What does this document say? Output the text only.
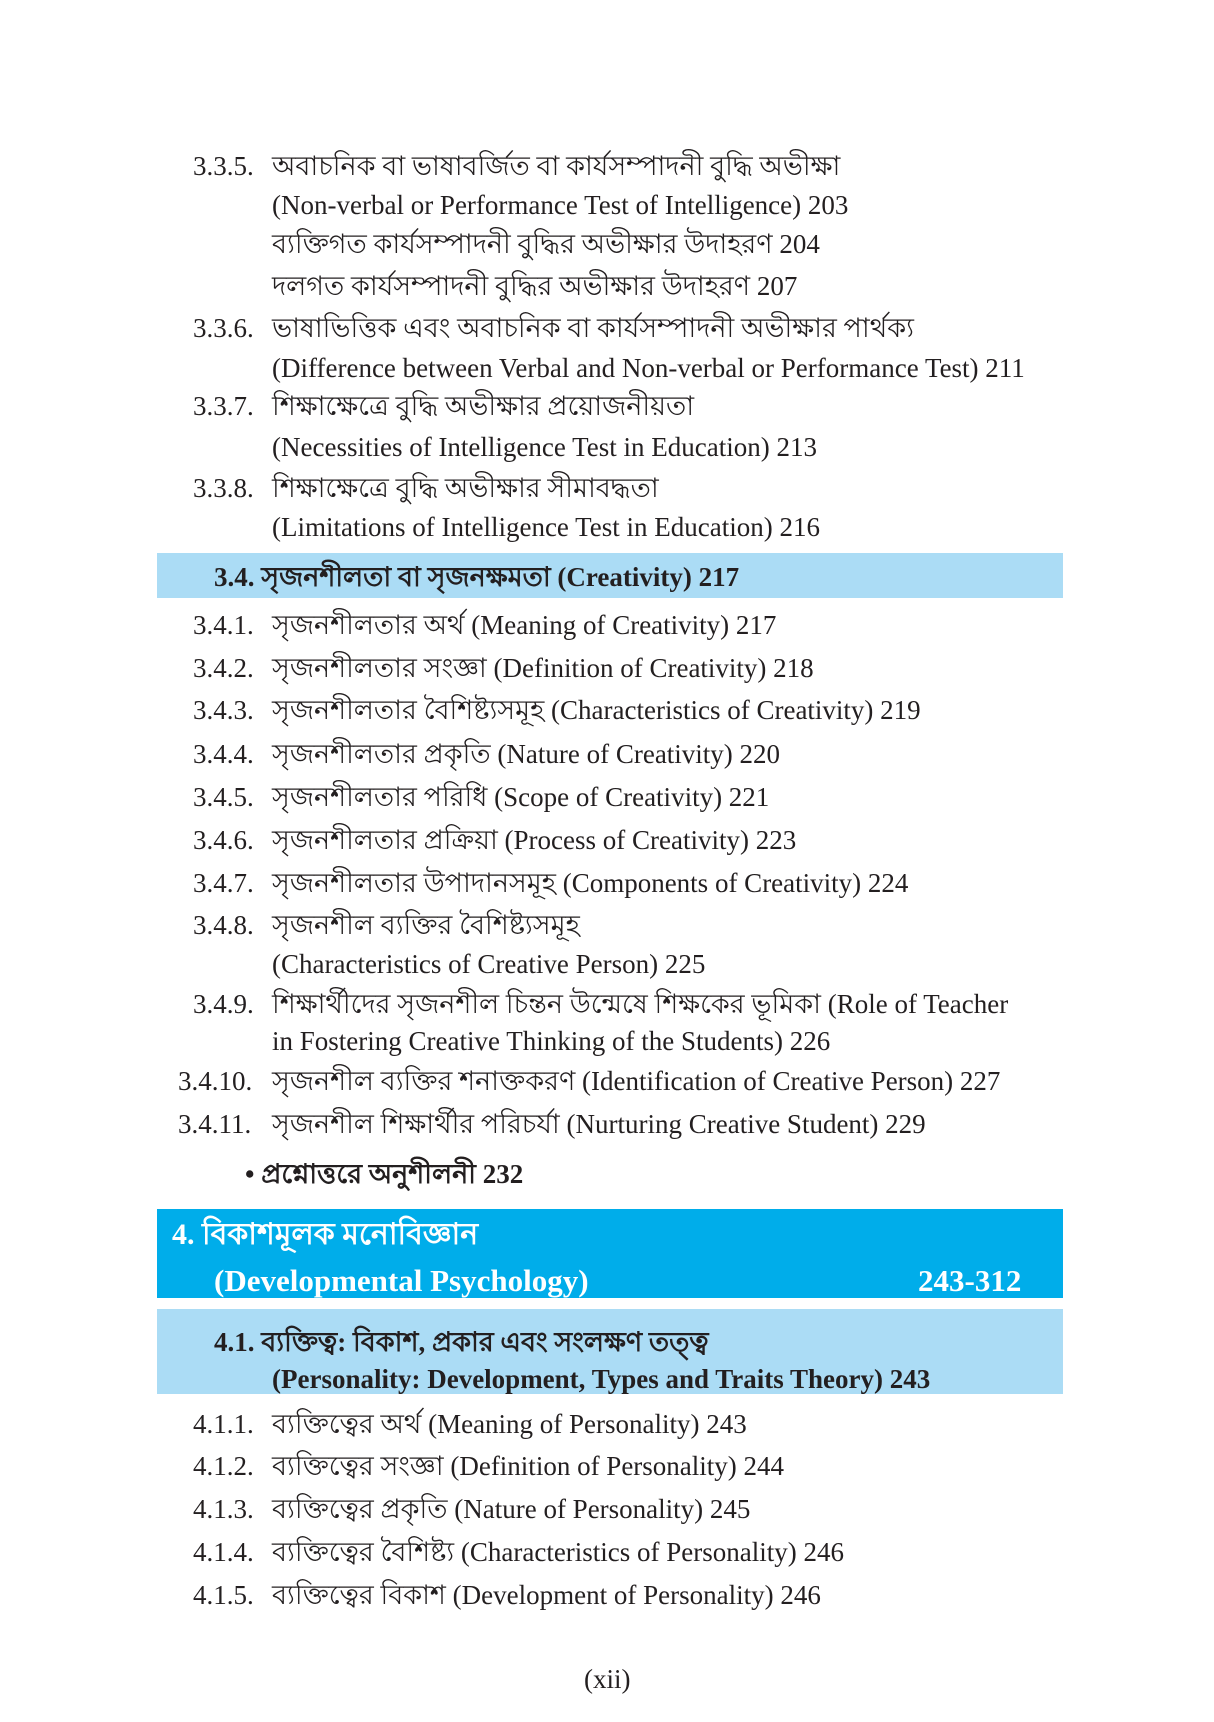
3.4. সৃজনশীলতা বা সৃজনক্ষমতা (Creativity) 217
• প্রশ্নোত্তরে অনুশীলনী 232
4. বিকাশমূলক মনোবিজ্ঞান
(Developmental Psychology)	243-312
4.1. ব্যক্তিত্ব: বিকাশ, প্রকার এবং সংলক্ষণ তত্ত্ব
(Personality: Development, Types and Traits Theory) 243
(xii)
3.3.5. অবাচনিক বা ভাষাবর্জিত বা কার্যসম্পাদনী বুদ্ধি অভীক্ষা
(Non-verbal or Performance Test of Intelligence) 203
ব্যক্তিগত কার্যসম্পাদনী বুদ্ধির অভীক্ষার উদাহরণ 204
দলগত কার্যসম্পাদনী বুদ্ধির অভীক্ষার উদাহরণ 207
3.3.6. ভাষাভিত্তিক এবং অবাচনিক বা কার্যসম্পাদনী অভীক্ষার পার্থক্য
(Difference between Verbal and Non-verbal or Performance Test) 211
3.3.7. শিক্ষাক্ষেত্রে বুদ্ধি অভীক্ষার প্রয়োজনীয়তা
(Necessities of Intelligence Test in Education) 213
3.3.8. শিক্ষাক্ষেত্রে বুদ্ধি অভীক্ষার সীমাবদ্ধতা
(Limitations of Intelligence Test in Education) 216
3.4.1. সৃজনশীলতার অর্থ (Meaning of Creativity) 217
3.4.2. সৃজনশীলতার সংজ্ঞা (Definition of Creativity) 218
3.4.3. সৃজনশীলতার বৈশিষ্ট্যসমূহ (Characteristics of Creativity) 219
3.4.4. সৃজনশীলতার প্রকৃতি (Nature of Creativity) 220
3.4.5. সৃজনশীলতার পরিধি (Scope of Creativity) 221
3.4.6. সৃজনশীলতার প্রক্রিয়া (Process of Creativity) 223
3.4.7. সৃজনশীলতার উপাদানসমূহ (Components of Creativity) 224
3.4.8. সৃজনশীল ব্যক্তির বৈশিষ্ট্যসমূহ
(Characteristics of Creative Person) 225
3.4.9. শিক্ষার্থীদের সৃজনশীল চিন্তন উন্মেষে শিক্ষকের ভূমিকা (Role of Teacher
in Fostering Creative Thinking of the Students) 226
3.4.10. সৃজনশীল ব্যক্তির শনাক্তকরণ (Identification of Creative Person) 227
3.4.11. সৃজনশীল শিক্ষার্থীর পরিচর্যা (Nurturing Creative Student) 229
4.1.1. ব্যক্তিত্বের অর্থ (Meaning of Personality) 243
4.1.2. ব্যক্তিত্বের সংজ্ঞা (Definition of Personality) 244
4.1.3. ব্যক্তিত্বের প্রকৃতি (Nature of Personality) 245
4.1.4. ব্যক্তিত্বের বৈশিষ্ট্য (Characteristics of Personality) 246
4.1.5. ব্যক্তিত্বের বিকাশ (Development of Personality) 246
